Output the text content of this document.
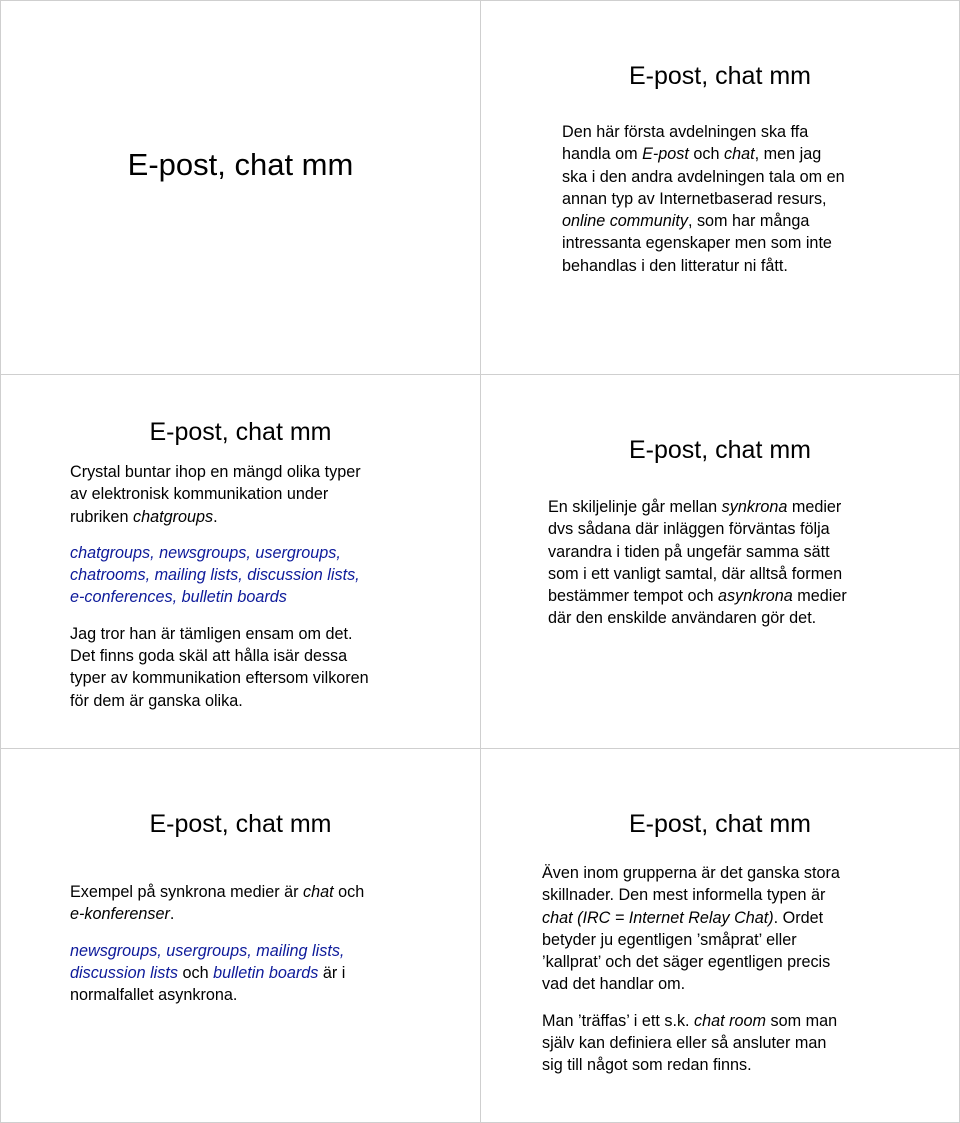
E-post, chat mm
E-post, chat mm

Den här första avdelningen ska ffa
handla om E-post och chat, men jag
ska i den andra avdelningen tala om en
annan typ av Internetbaserad resurs,
online community, som har många
intressanta egenskaper men som inte
behandlas i den litteratur ni fått.

E-post, chat mm

Crystal buntar ihop en mängd olika typer
av elektronisk kommunikation under
rubriken chatgroups.

chatgroups, newsgroups, usergroups,
chatrooms, mailing lists, discussion lists,
e-conferences, bulletin boards

Jag tror han är tämligen ensam om det.
Det finns goda skäl att hålla isär dessa
typer av kommunikation eftersom vilkoren
för dem är ganska olika.

E-post, chat mm

En skiljelinje går mellan synkrona medier
dvs sådana där inläggen förväntas följa
varandra i tiden på ungefär samma sätt
som i ett vanligt samtal, där alltså formen
bestämmer tempot och asynkrona medier
där den enskilde användaren gör det.

E-post, chat mm

Exempel på synkrona medier är chat och
e-konferenser.

newsgroups, usergroups, mailing lists,
discussion lists och bulletin boards är i
normalfallet asynkrona.

E-post, chat mm

Även inom grupperna är det ganska stora
skillnader. Den mest informella typen är
chat (IRC = Internet Relay Chat). Ordet
betyder ju egentligen ’småprat’ eller
’kallprat’ och det säger egentligen precis
vad det handlar om.

Man ’träffas’ i ett s.k. chat room som man
själv kan definiera eller så ansluter man
sig till något som redan finns.
